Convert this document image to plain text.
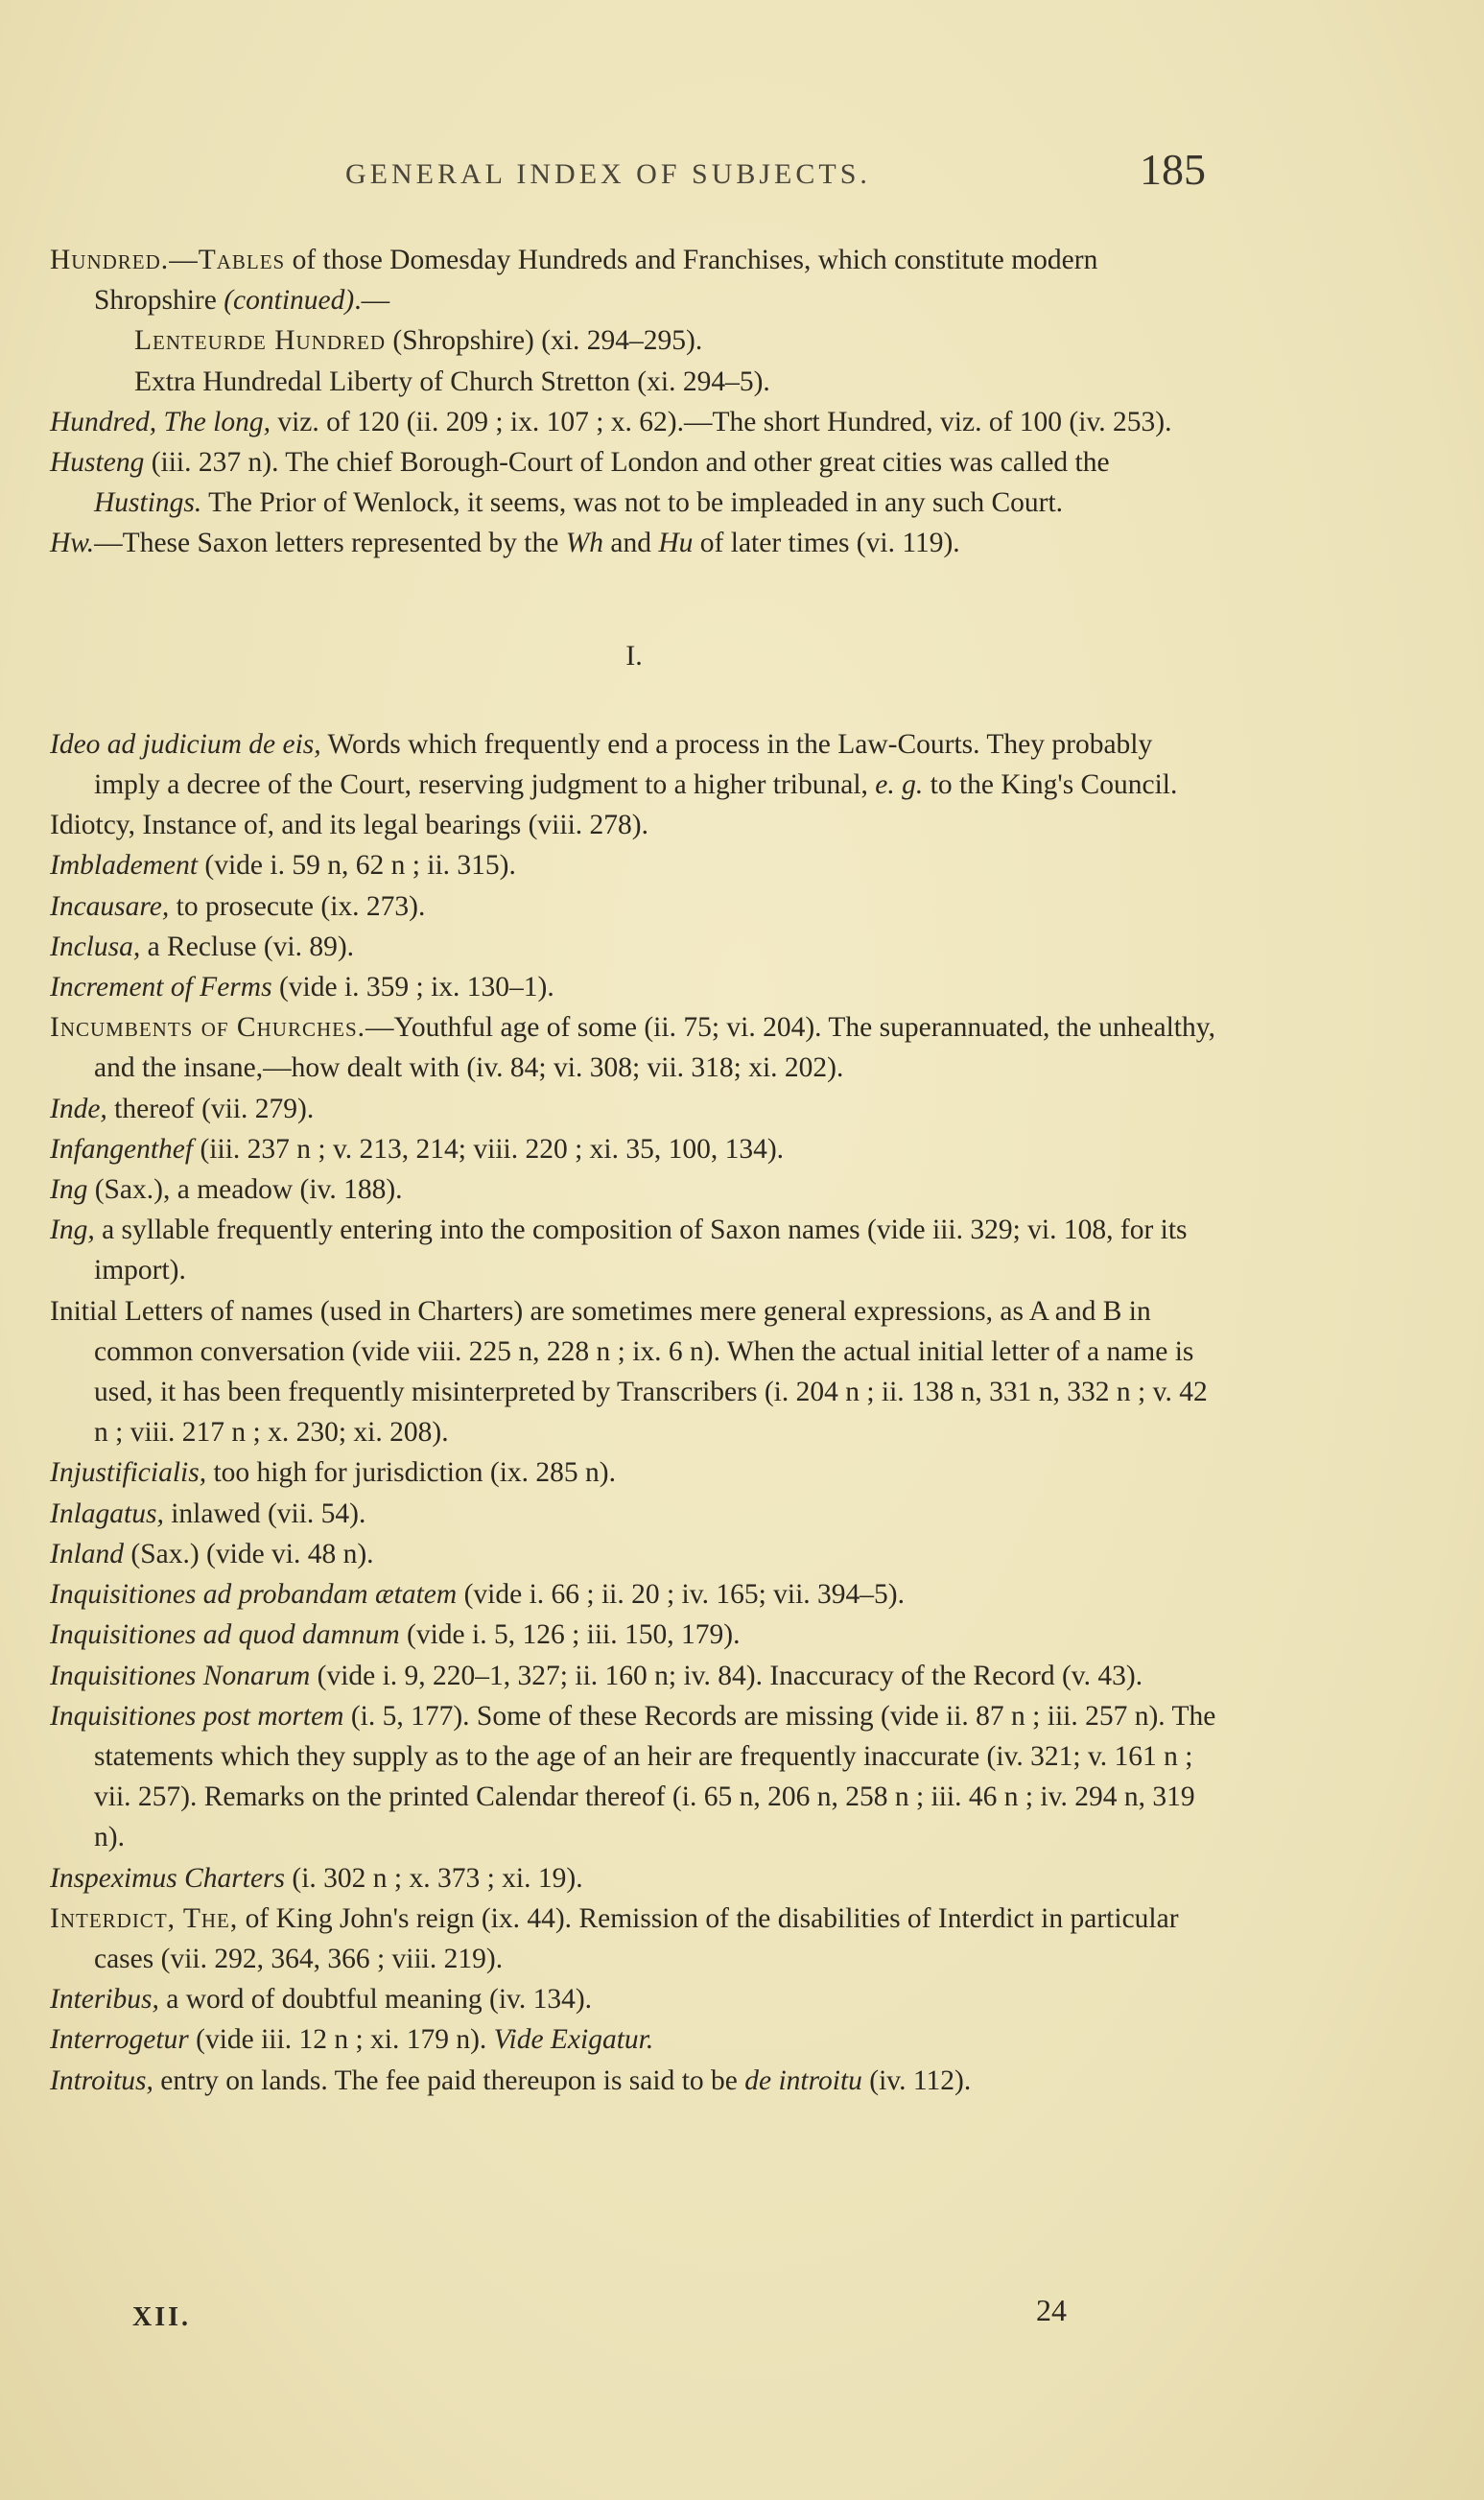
GENERAL INDEX OF SUBJECTS.	185

Hundred.—Tables of those Domesday Hundreds and Franchises, which constitute modern Shropshire (continued).—

Lenteurde Hundred (Shropshire) (xi. 294–295).

Extra Hundredal Liberty of Church Stretton (xi. 294–5).

Hundred, The long, viz. of 120 (ii. 209 ; ix. 107 ; x. 62).—The short Hundred, viz. of 100 (iv. 253).

Husteng (iii. 237 n). The chief Borough-Court of London and other great cities was called the Hustings. The Prior of Wenlock, it seems, was not to be impleaded in any such Court.

Hw.—These Saxon letters represented by the Wh and Hu of later times (vi. 119).

I.

Ideo ad judicium de eis, Words which frequently end a process in the Law-Courts. They probably imply a decree of the Court, reserving judgment to a higher tribunal, e. g. to the King's Council.

Idiotcy, Instance of, and its legal bearings (viii. 278).

Imbladement (vide i. 59 n, 62 n ; ii. 315).

Incausare, to prosecute (ix. 273).

Inclusa, a Recluse (vi. 89).

Increment of Ferms (vide i. 359 ; ix. 130–1).

Incumbents of Churches.—Youthful age of some (ii. 75; vi. 204). The superannuated, the unhealthy, and the insane,—how dealt with (iv. 84; vi. 308; vii. 318; xi. 202).

Inde, thereof (vii. 279).

Infangenthef (iii. 237 n ; v. 213, 214; viii. 220 ; xi. 35, 100, 134).

Ing (Sax.), a meadow (iv. 188).

Ing, a syllable frequently entering into the composition of Saxon names (vide iii. 329; vi. 108, for its import).

Initial Letters of names (used in Charters) are sometimes mere general expressions, as A and B in common conversation (vide viii. 225 n, 228 n ; ix. 6 n). When the actual initial letter of a name is used, it has been frequently misinterpreted by Transcribers (i. 204 n ; ii. 138 n, 331 n, 332 n ; v. 42 n ; viii. 217 n ; x. 230; xi. 208).

Injustificialis, too high for jurisdiction (ix. 285 n).

Inlagatus, inlawed (vii. 54).

Inland (Sax.) (vide vi. 48 n).

Inquisitiones ad probandam ætatem (vide i. 66 ; ii. 20 ; iv. 165; vii. 394–5).

Inquisitiones ad quod damnum (vide i. 5, 126 ; iii. 150, 179).

Inquisitiones Nonarum (vide i. 9, 220–1, 327; ii. 160 n; iv. 84). Inaccuracy of the Record (v. 43).

Inquisitiones post mortem (i. 5, 177). Some of these Records are missing (vide ii. 87 n ; iii. 257 n). The statements which they supply as to the age of an heir are frequently inaccurate (iv. 321; v. 161 n ; vii. 257). Remarks on the printed Calendar thereof (i. 65 n, 206 n, 258 n ; iii. 46 n ; iv. 294 n, 319 n).

Inspeximus Charters (i. 302 n ; x. 373 ; xi. 19).

Interdict, The, of King John's reign (ix. 44). Remission of the disabilities of Interdict in particular cases (vii. 292, 364, 366 ; viii. 219).

Interibus, a word of doubtful meaning (iv. 134).

Interrogetur (vide iii. 12 n ; xi. 179 n). Vide Exigatur.

Introitus, entry on lands. The fee paid thereupon is said to be de introitu (iv. 112).

XII.	24
